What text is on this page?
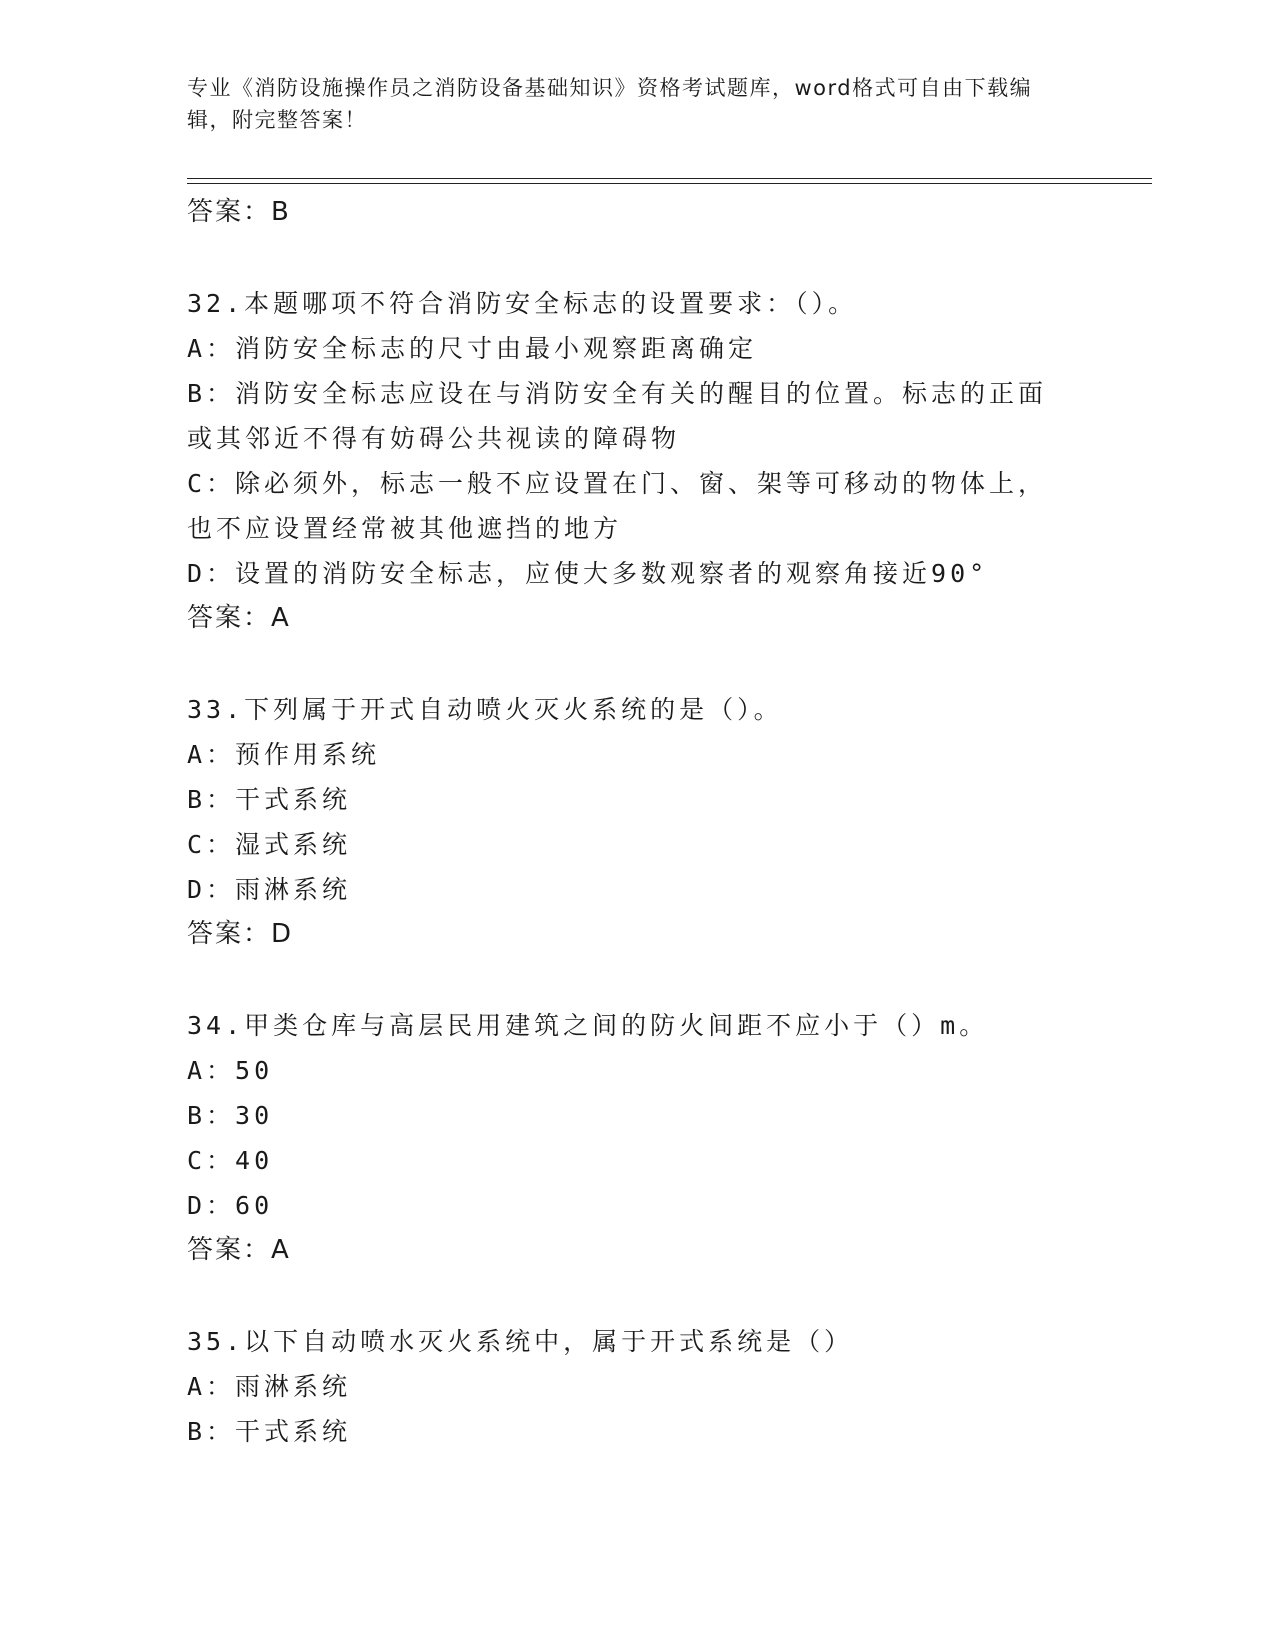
专业《消防设施操作员之消防设备基础知识》资格考试题库，word格式可自由下载编辑，附完整答案！
答案：B
32.本题哪项不符合消防安全标志的设置要求：（）。
A：消防安全标志的尺寸由最小观察距离确定
B：消防安全标志应设在与消防安全有关的醒目的位置。标志的正面或其邻近不得有妨碍公共视读的障碍物
C：除必须外，标志一般不应设置在门、窗、架等可移动的物体上，也不应设置经常被其他遮挡的地方
D：设置的消防安全标志，应使大多数观察者的观察角接近90°
答案：A
33.下列属于开式自动喷火灭火系统的是（）。
A：预作用系统
B：干式系统
C：湿式系统
D：雨淋系统
答案：D
34.甲类仓库与高层民用建筑之间的防火间距不应小于（）m。
A：50
B：30
C：40
D：60
答案：A
35.以下自动喷水灭火系统中，属于开式系统是（）
A：雨淋系统
B：干式系统
